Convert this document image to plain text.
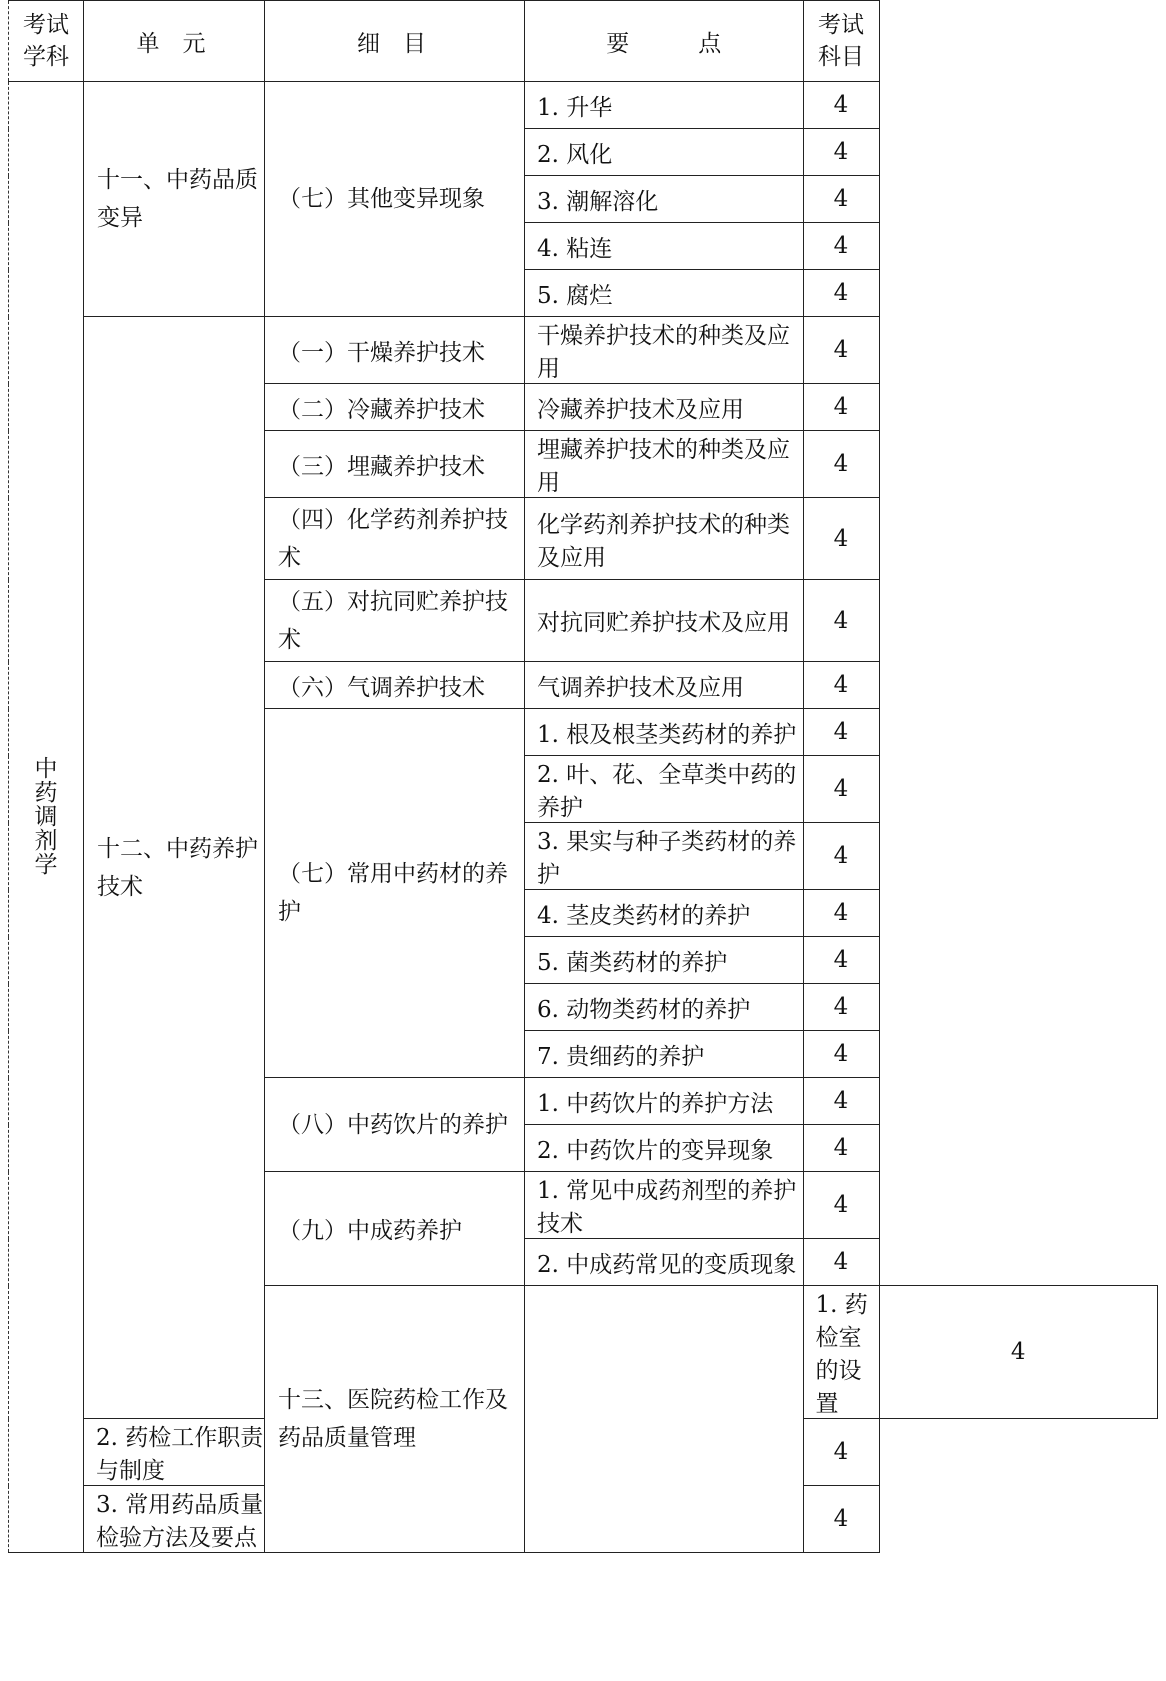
考试学科	单　元	细　目	要　　　点	考试科目	
中药调剂学	十一、中药品质变异	（七）其他变异现象	1. 升华	4	
			2. 风化	4	
			3. 潮解溶化	4	
			4. 粘连	4	
			5. 腐烂	4	
	十二、中药养护技术	（一）干燥养护技术	干燥养护技术的种类及应用	4	
		（二）冷藏养护技术	冷藏养护技术及应用	4	
		（三）埋藏养护技术	埋藏养护技术的种类及应用	4	
		（四）化学药剂养护技术	化学药剂养护技术的种类及应用	4	
		（五）对抗同贮养护技术	对抗同贮养护技术及应用	4	
		（六）气调养护技术	气调养护技术及应用	4	
		（七）常用中药材的养护	1. 根及根茎类药材的养护	4	
			2. 叶、花、全草类中药的养护	4	
			3. 果实与种子类药材的养护	4	
			4. 茎皮类药材的养护	4	
			5. 菌类药材的养护	4	
			6. 动物类药材的养护	4	
			7. 贵细药的养护	4	
		（八）中药饮片的养护	1. 中药饮片的养护方法	4	
			2. 中药饮片的变异现象	4	
		（九）中成药养护	1. 常见中成药剂型的养护技术	4	
			2. 中成药常见的变质现象	4	
		十三、医院药检工作及药品质量管理		1. 药检室的设置	4
	2. 药检工作职责与制度			4	
	3. 常用药品质量检验方法及要点			4	
